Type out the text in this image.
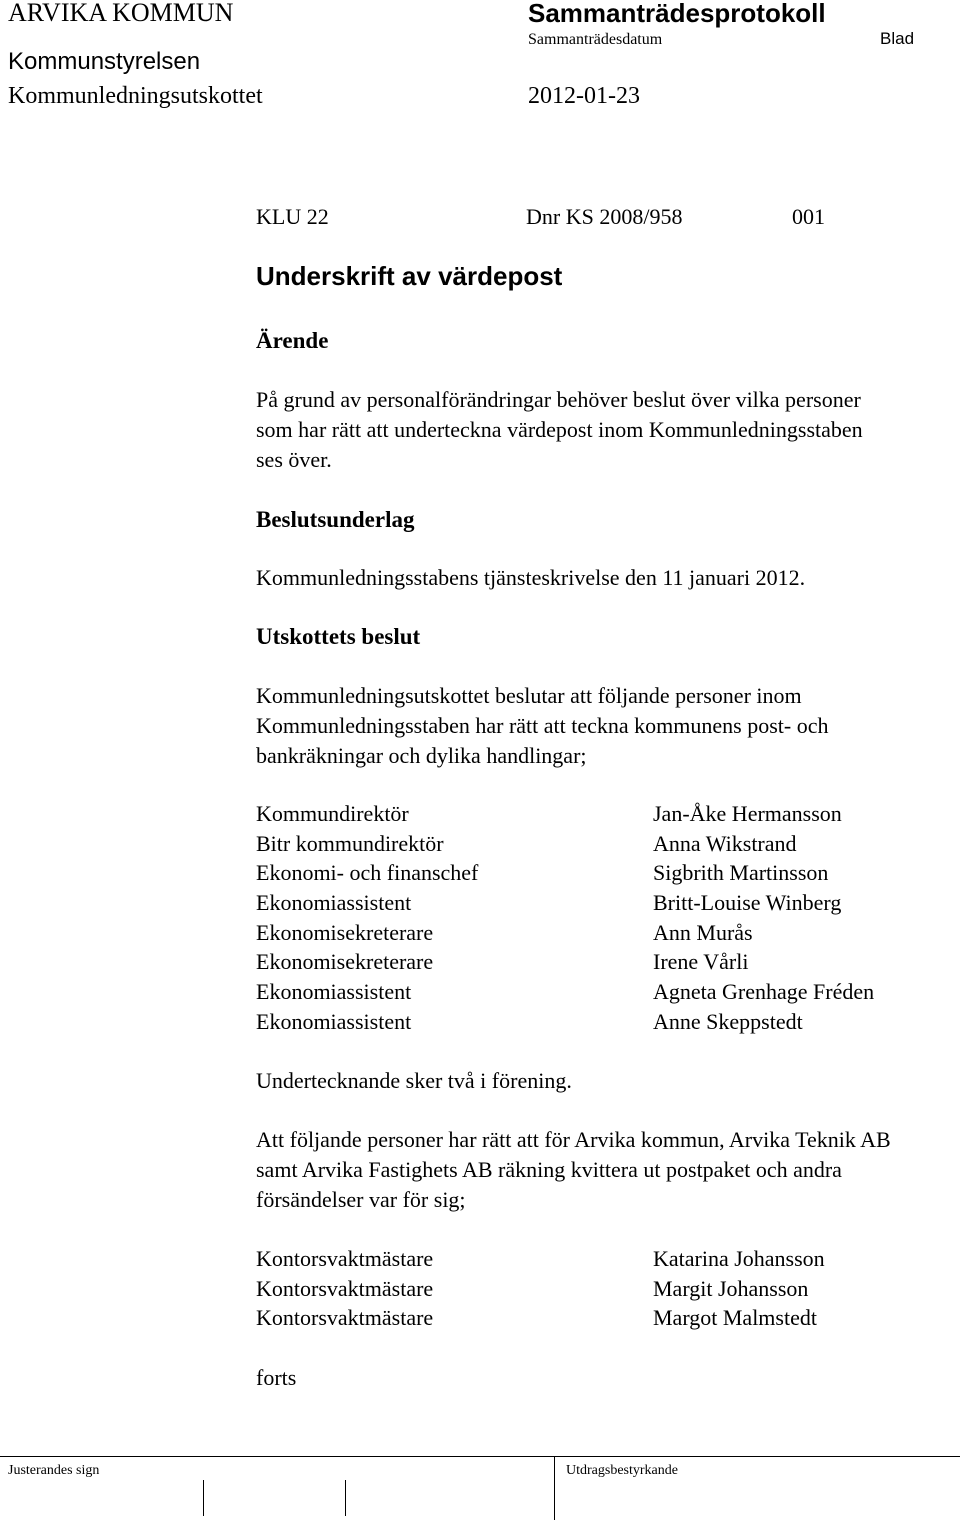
ARVIKA KOMMUN	Sammanträdesprotokoll
Kommunstyrelsen
Sammanträdesdatum	Blad
Kommunledningsutskottet	2012-01-23
KLU 22	Dnr KS 2008/958	001
Underskrift av värdepost
Ärende
På grund av personalförändringar behöver beslut över vilka personer som har rätt att underteckna värdepost inom Kommunledningsstaben ses över.
Beslutsunderlag
Kommunledningsstabens tjänsteskrivelse den 11 januari 2012.
Utskottets beslut
Kommunledningsutskottet beslutar att följande personer inom Kommunledningsstaben har rätt att teckna kommunens post- och bankräkningar och dylika handlingar;
Kommundirektör	Jan-Åke Hermansson
Bitr kommundirektör	Anna Wikstrand
Ekonomi- och finanschef	Sigbrith Martinsson
Ekonomiassistent	Britt-Louise Winberg
Ekonomisekreterare	Ann Murås
Ekonomisekreterare	Irene Vårli
Ekonomiassistent	Agneta Grenhage Fréden
Ekonomiassistent	Anne Skeppstedt
Undertecknande sker två i förening.
Att följande personer har rätt att för Arvika kommun, Arvika Teknik AB samt Arvika Fastighets AB räkning kvittera ut postpaket och andra försändelser var för sig;
Kontorsvaktmästare	Katarina Johansson
Kontorsvaktmästare	Margit Johansson
Kontorsvaktmästare	Margot Malmstedt
forts
Justerandes sign	Utdragsbestyrkande
